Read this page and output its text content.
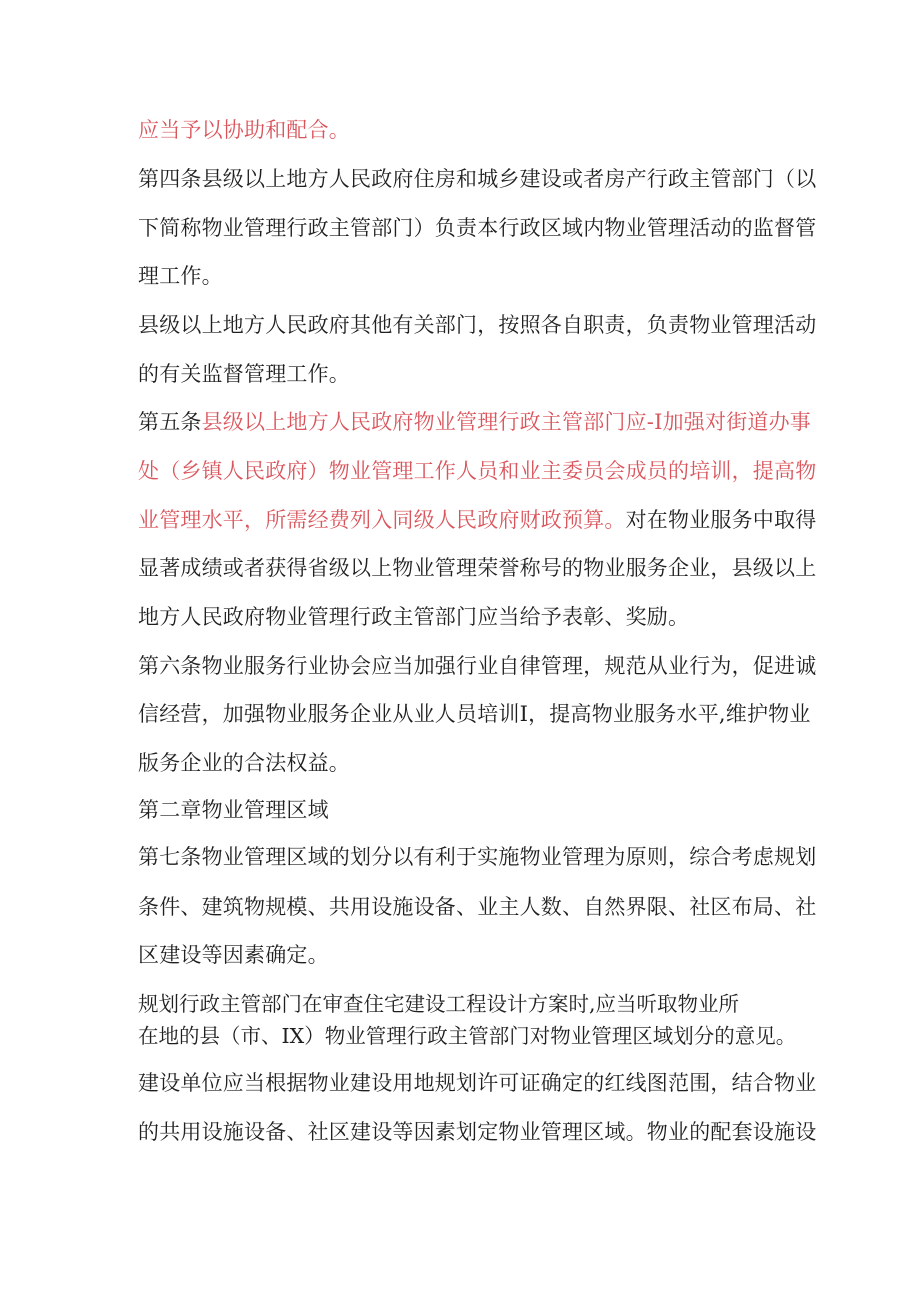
应当予以协助和配合。
第四条县级以上地方人民政府住房和城乡建设或者房产行政主管部门（以
下简称物业管理行政主管部门）负责本行政区域内物业管理活动的监督管
理工作。
县级以上地方人民政府其他有关部门，按照各自职责，负责物业管理活动
的有关监督管理工作。
第五条县级以上地方人民政府物业管理行政主管部门应-I加强对街道办事
处（乡镇人民政府）物业管理工作人员和业主委员会成员的培训，提高物
业管理水平，所需经费列入同级人民政府财政预算。对在物业服务中取得
显著成绩或者获得省级以上物业管理荣誉称号的物业服务企业，县级以上
地方人民政府物业管理行政主管部门应当给予表彰、奖励。
第六条物业服务行业协会应当加强行业自律管理，规范从业行为，促进诚
信经营，加强物业服务企业从业人员培训I，提高物业服务水平,维护物业
版务企业的合法权益。
第二章物业管理区域
第七条物业管理区域的划分以有利于实施物业管理为原则，综合考虑规划
条件、建筑物规模、共用设施设备、业主人数、自然界限、社区布局、社
区建设等因素确定。
规划行政主管部门在审查住宅建设工程设计方案时,应当听取物业所
在地的县（市、IX）物业管理行政主管部门对物业管理区域划分的意见。
建设单位应当根据物业建设用地规划许可证确定的红线图范围，结合物业
的共用设施设备、社区建设等因素划定物业管理区域。物业的配套设施设
